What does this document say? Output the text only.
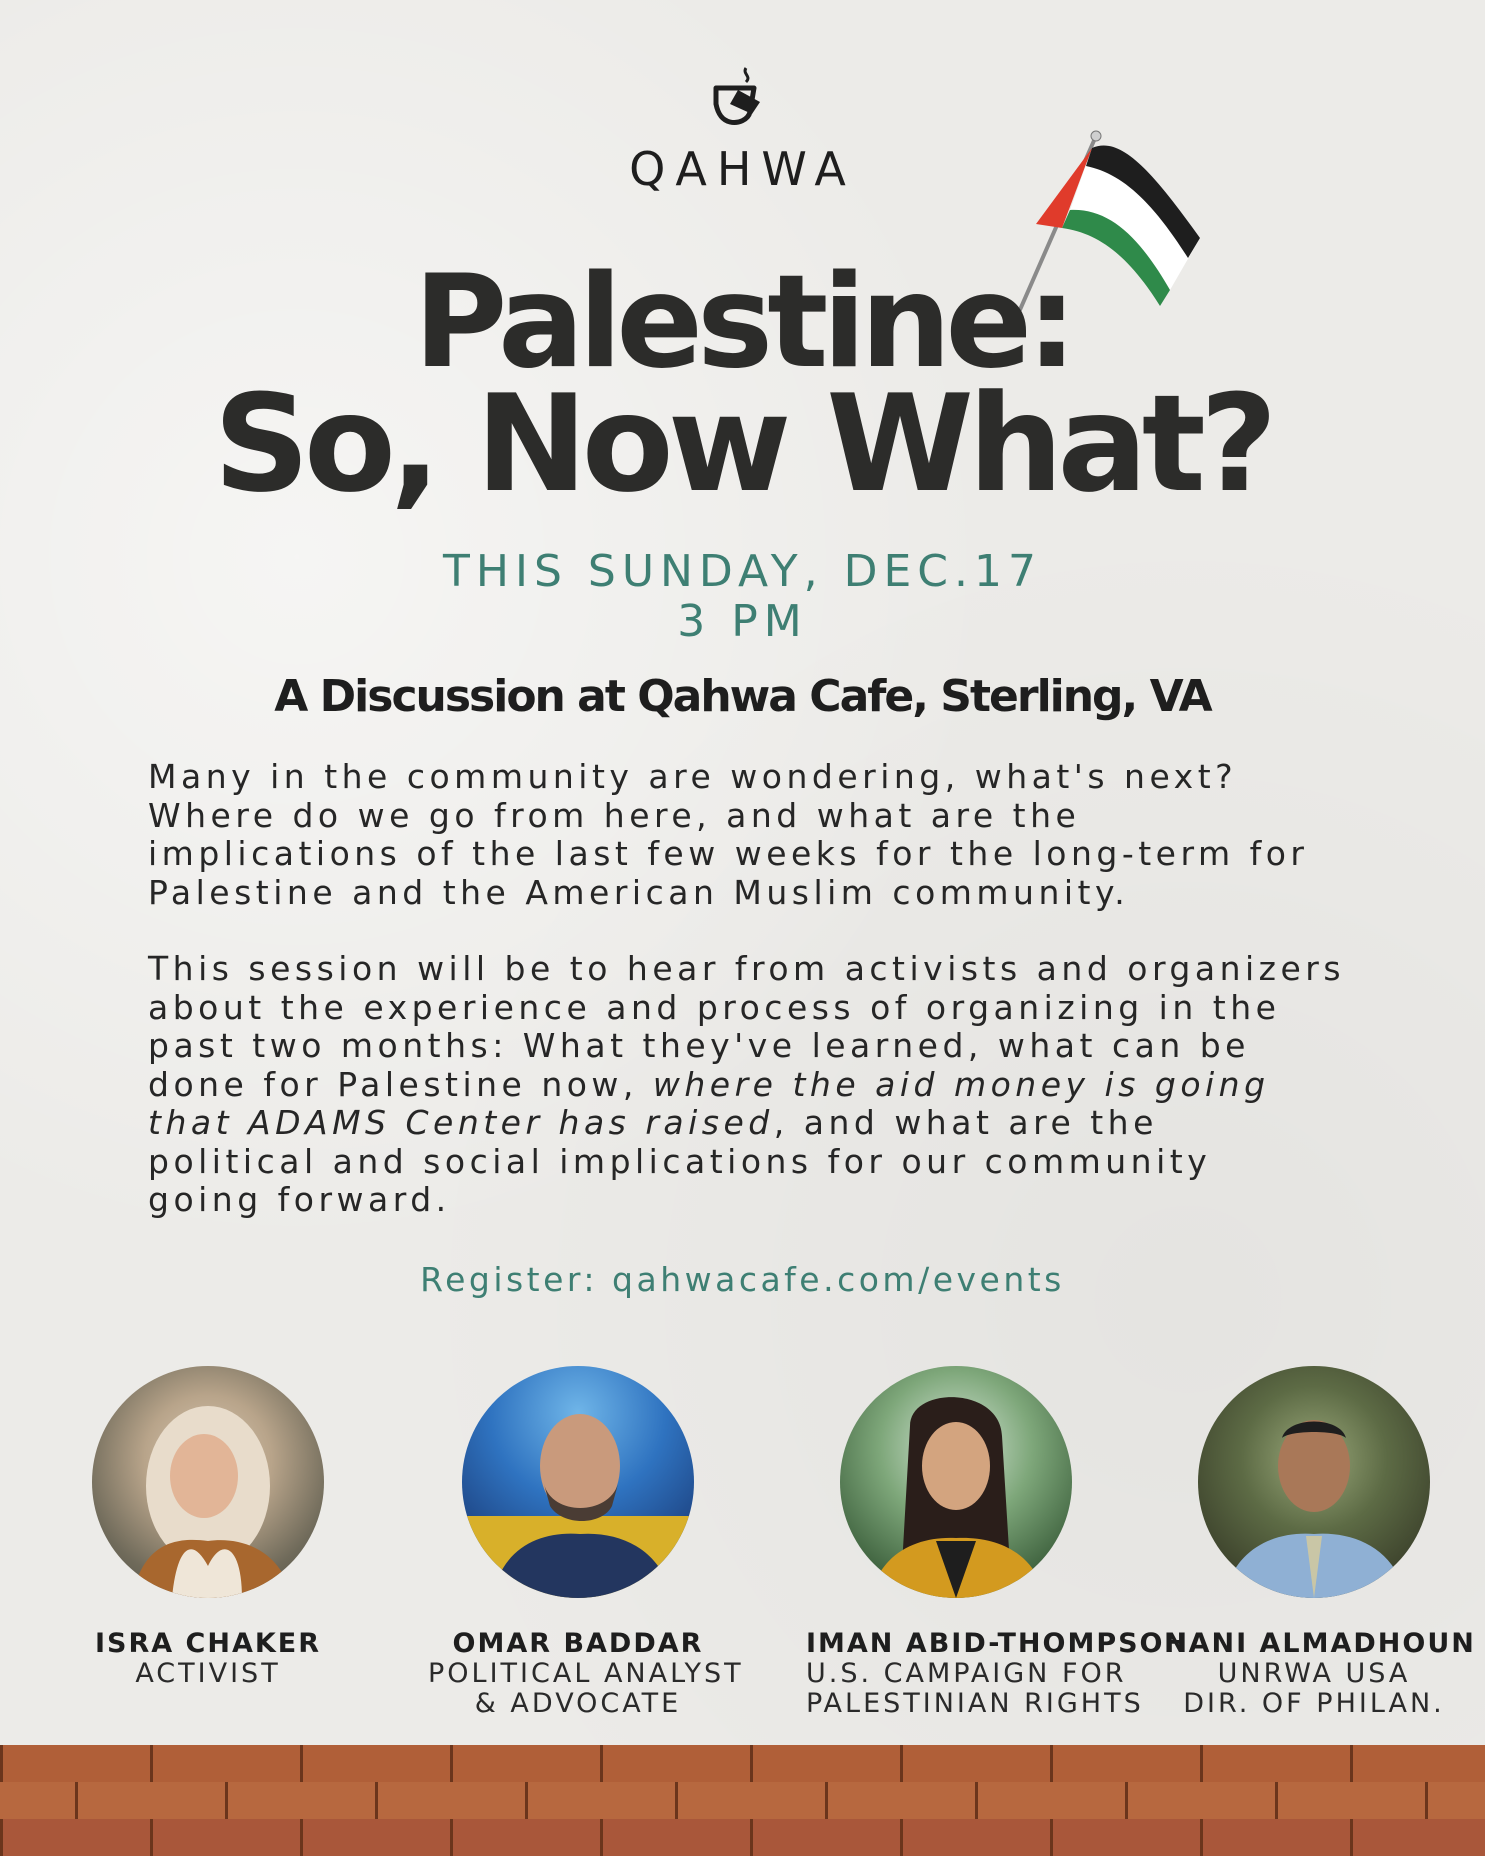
QAHWA
Palestine:
So, Now What?
THIS SUNDAY, DEC.17
3 PM
A Discussion at Qahwa Cafe, Sterling, VA
Many in the community are wondering, what's next?
Where do we go from here, and what are the
implications of the last few weeks for the long-term for
Palestine and the American Muslim community.
This session will be to hear from activists and organizers
about the experience and process of organizing in the
past two months: What they've learned, what can be
done for Palestine now, where the aid money is going
that ADAMS Center has raised, and what are the
political and social implications for our community
going forward.
Register: qahwacafe.com/events
ISRA CHAKER
ACTIVIST
OMAR BADDAR
POLITICAL ANALYST
& ADVOCATE
IMAN ABID-THOMPSON
U.S. CAMPAIGN FOR
PALESTINIAN RIGHTS
HANI ALMADHOUN
UNRWA USA
DIR. OF PHILAN.
